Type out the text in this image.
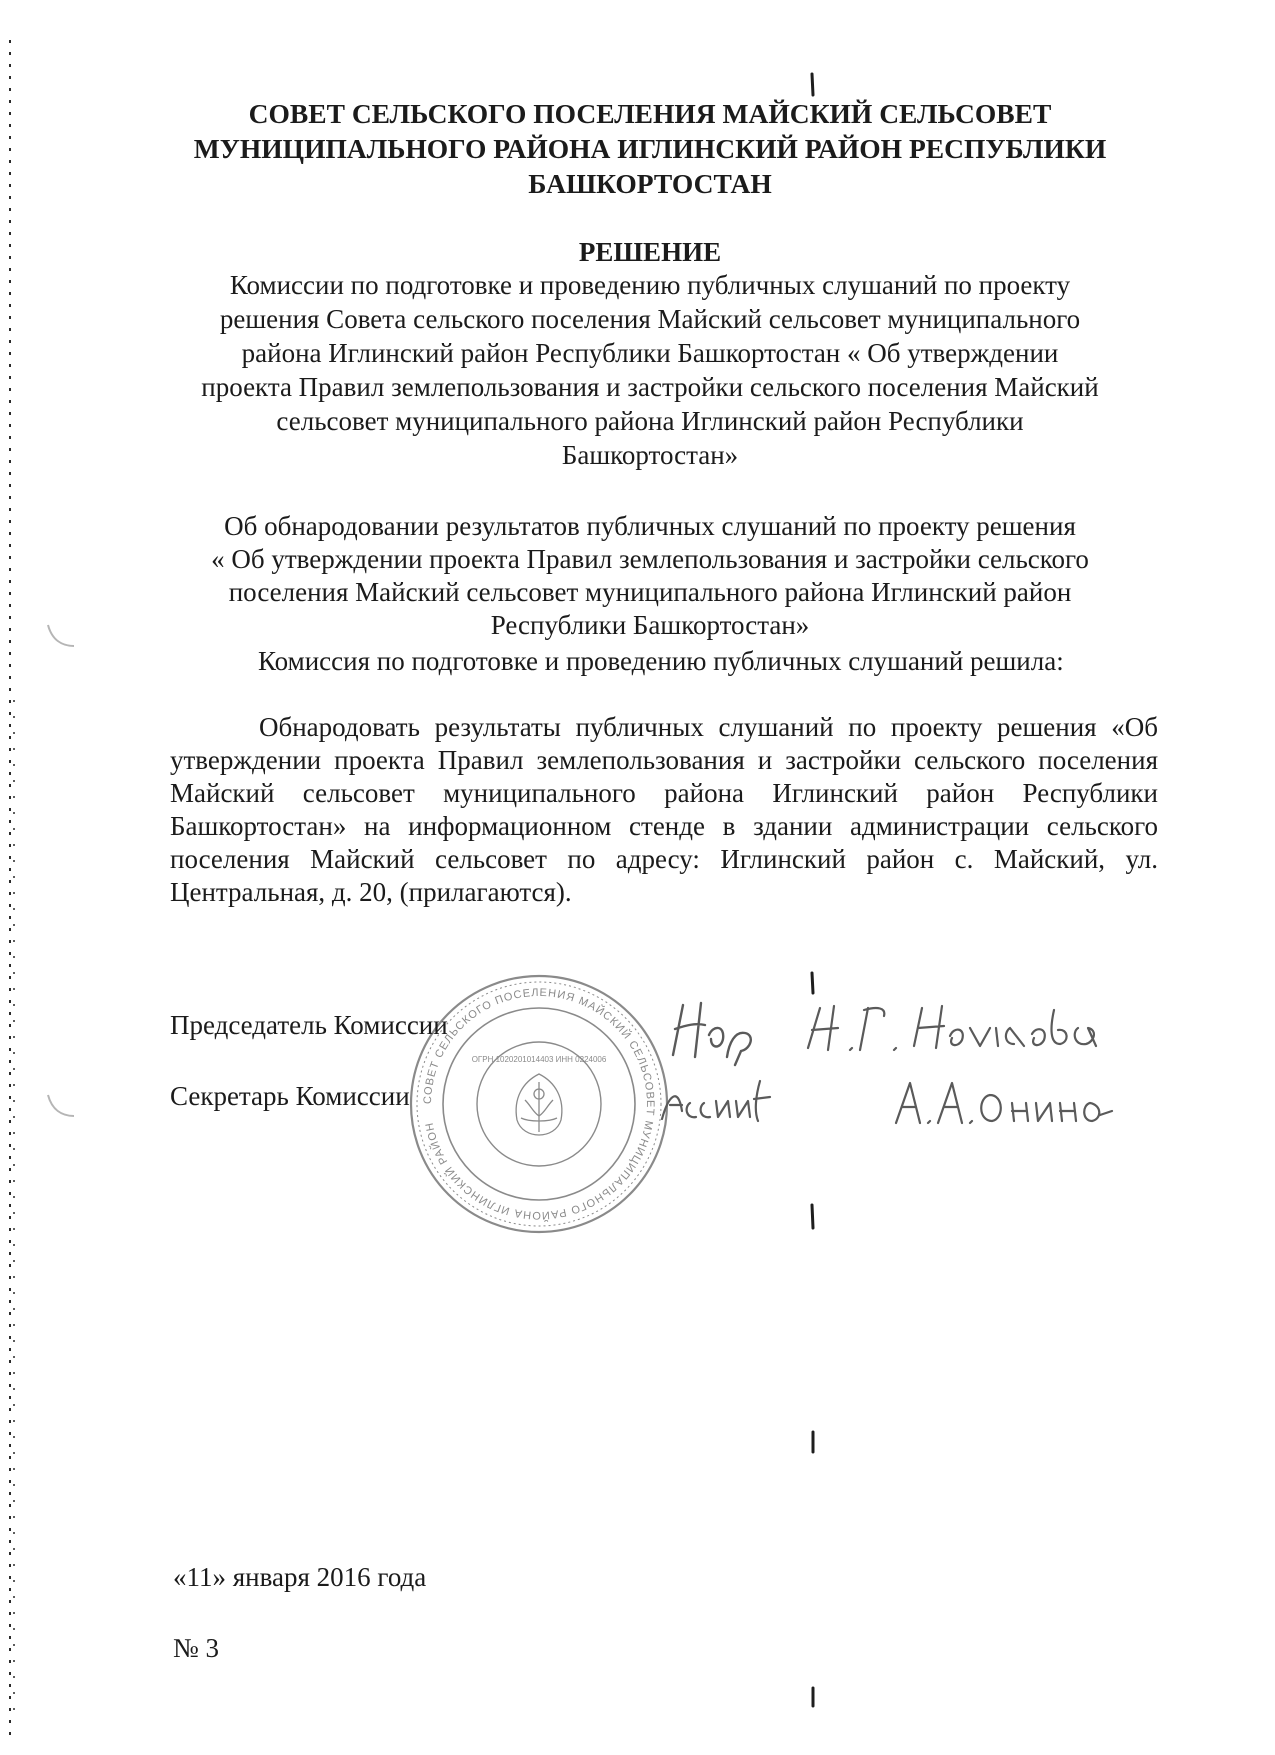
СОВЕТ СЕЛЬСКОГО ПОСЕЛЕНИЯ МАЙСКИЙ СЕЛЬСОВЕТ
МУНИЦИПАЛЬНОГО РАЙОНА ИГЛИНСКИЙ РАЙОН РЕСПУБЛИКИ
БАШКОРТОСТАН
РЕШЕНИЕ
Комиссии по подготовке и проведению публичных слушаний по проекту
решения Совета сельского поселения Майский сельсовет муниципального
района Иглинский район Республики Башкортостан « Об утверждении
проекта Правил землепользования и застройки сельского поселения Майский
сельсовет муниципального района Иглинский район Республики
Башкортостан»
Об обнародовании результатов публичных слушаний по проекту решения
« Об утверждении проекта Правил землепользования и застройки сельского
поселения Майский сельсовет муниципального района Иглинский район
Республики Башкортостан»
Комиссия по подготовке и проведению публичных слушаний решила:
Обнародовать результаты публичных слушаний по проекту решения «Об утверждении проекта Правил землепользования и застройки сельского поселения Майский сельсовет муниципального района Иглинский район Республики Башкортостан» на информационном стенде в здании администрации сельского поселения Майский сельсовет по адресу: Иглинский район с. Майский, ул. Центральная, д. 20, (прилагаются).
СОВЕТ СЕЛЬСКОГО ПОСЕЛЕНИЯ МАЙСКИЙ СЕЛЬСОВЕТ МУНИЦИПАЛЬНОГО РАЙОНА ИГЛИНСКИЙ РАЙОН
ОГРН 1020201014403 ИНН 0224006
Председатель Комиссии
Секретарь Комиссии
«11» января 2016 года
№ 3
